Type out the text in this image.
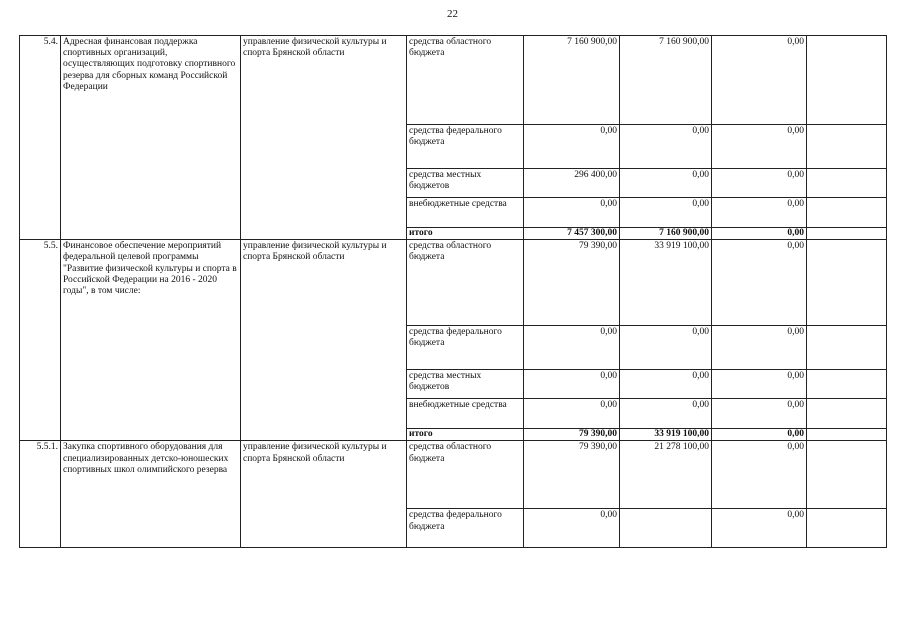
22
5.4.	Адресная финансовая поддержка спортивных организаций, осуществляющих подготовку спортивного резерва для сборных команд Российской Федерации	управление физической культуры и спорта Брянской области	средства областного бюджета	7 160 900,00	7 160 900,00	0,00	
			средства федерального бюджета	0,00	0,00	0,00	
			средства местных бюджетов	296 400,00	0,00	0,00	
			внебюджетные средства	0,00	0,00	0,00	
			итого	7 457 300,00	7 160 900,00	0,00	
5.5.	Финансовое обеспечение мероприятий федеральной целевой программы "Развитие физической культуры и спорта в Российской Федерации на 2016 - 2020 годы", в том числе:	управление физической культуры и спорта Брянской области	средства областного бюджета	79 390,00	33 919 100,00	0,00	
			средства федерального бюджета	0,00	0,00	0,00	
			средства местных бюджетов	0,00	0,00	0,00	
			внебюджетные средства	0,00	0,00	0,00	
			итого	79 390,00	33 919 100,00	0,00	
5.5.1.	Закупка спортивного оборудования для специализированных детско-юношеских спортивных школ олимпийского резерва	управление физической культуры и спорта Брянской области	средства областного бюджета	79 390,00	21 278 100,00	0,00	
			средства федерального бюджета	0,00		0,00	
